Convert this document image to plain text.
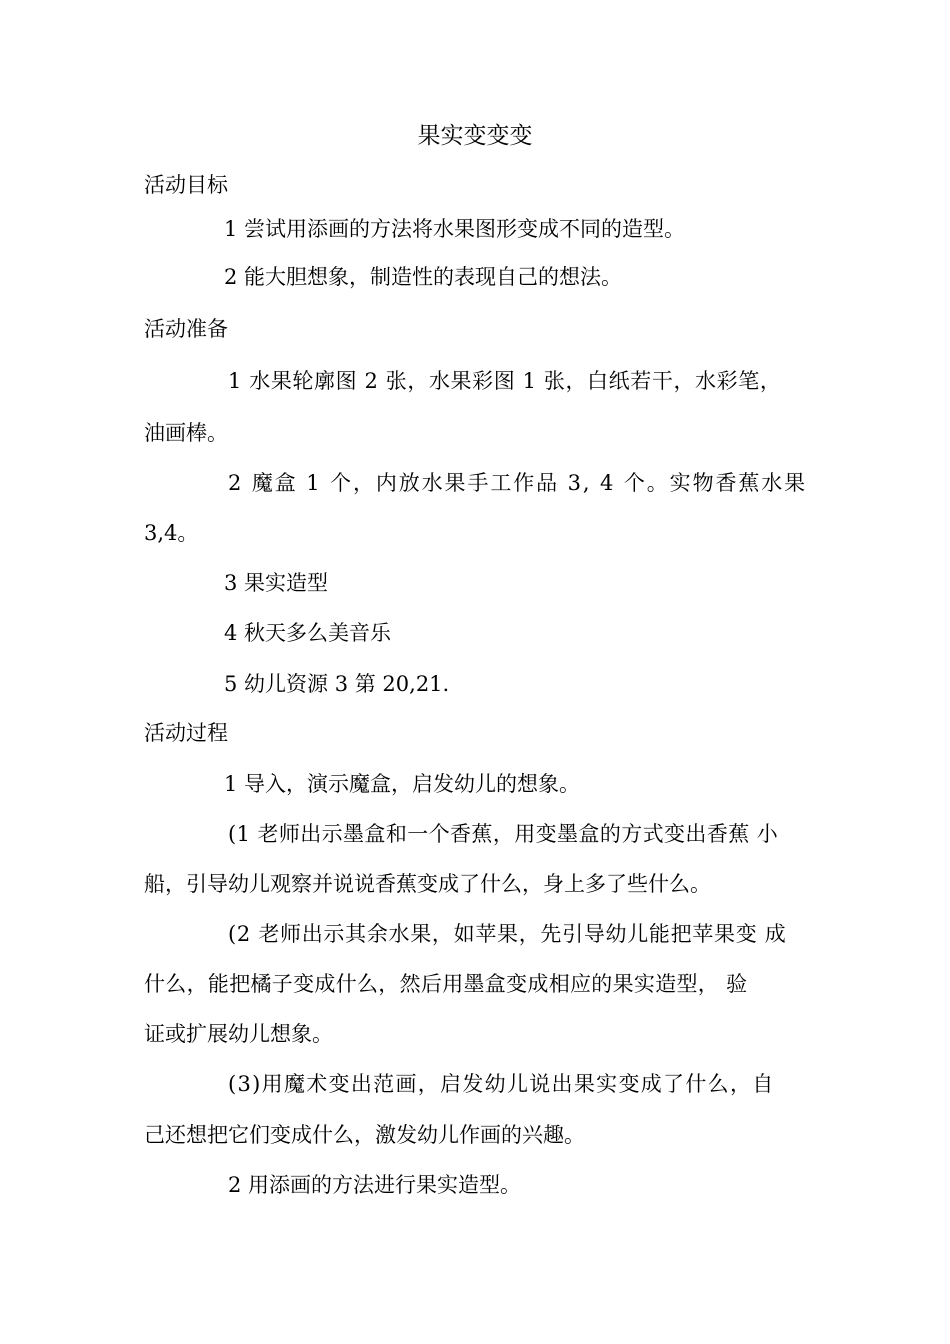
果实变变变
活动目标
1 尝试用添画的方法将水果图形变成不同的造型。
2 能大胆想象，制造性的表现自己的想法。
活动准备
1 水果轮廓图 2 张，水果彩图 1 张，白纸若干，水彩笔，
油画棒。
2 魔盒 1 个，内放水果手工作品 3, 4 个。实物香蕉水果
3,4。
3 果实造型
4 秋天多么美音乐
5 幼儿资源 3 第 20,21.
活动过程
1 导入，演示魔盒，启发幼儿的想象。
(1 老师出示墨盒和一个香蕉，用变墨盒的方式变出香蕉 小
船，引导幼儿观察并说说香蕉变成了什么，身上多了些什么。
(2 老师出示其余水果，如苹果，先引导幼儿能把苹果变 成
什么，能把橘子变成什么，然后用墨盒变成相应的果实造型， 验
证或扩展幼儿想象。
(3)用魔术变出范画，启发幼儿说出果实变成了什么，自
己还想把它们变成什么，激发幼儿作画的兴趣。
2 用添画的方法进行果实造型。
